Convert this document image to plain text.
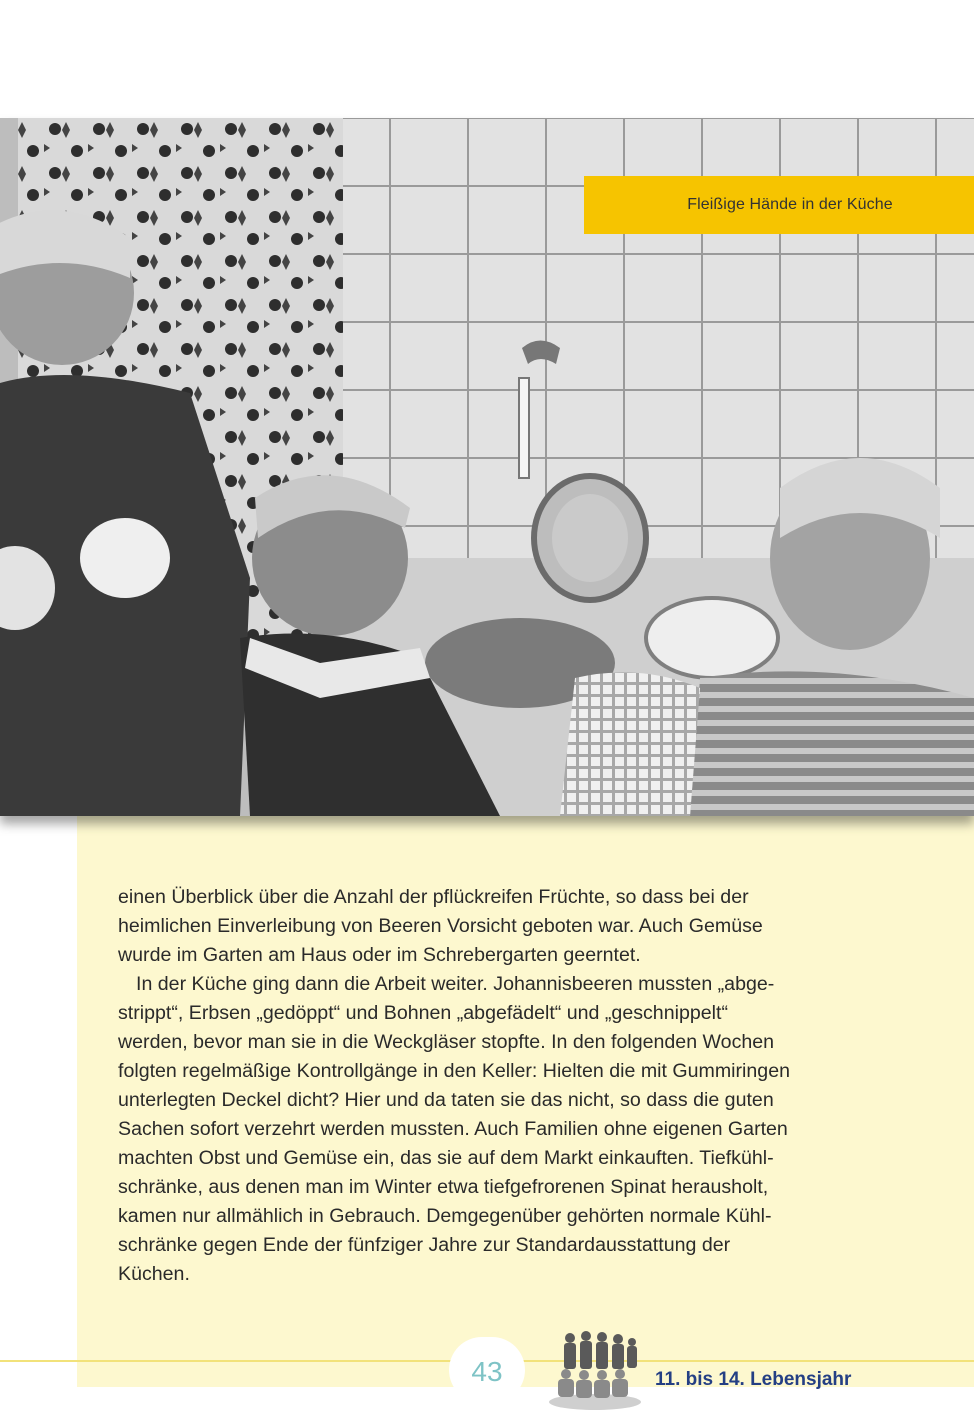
Fleißige Hände in der Küche

einen Überblick über die Anzahl der pflückreifen Früchte, so dass bei der
heimlichen Einverleibung von Beeren Vorsicht geboten war. Auch Gemüse
wurde im Garten am Haus oder im Schrebergarten geerntet.

In der Küche ging dann die Arbeit weiter. Johannisbeeren mussten „abge-
strippt“, Erbsen „gedöppt“ und Bohnen „abgefädelt“ und „geschnippelt“
werden, bevor man sie in die Weckgläser stopfte. In den folgenden Wochen
folgten regelmäßige Kontrollgänge in den Keller: Hielten die mit Gummiringen
unterlegten Deckel dicht? Hier und da taten sie das nicht, so dass die guten
Sachen sofort verzehrt werden mussten. Auch Familien ohne eigenen Garten
machten Obst und Gemüse ein, das sie auf dem Markt einkauften. Tiefkühl-
schränke, aus denen man im Winter etwa tiefgefrorenen Spinat herausholt,
kamen nur allmählich in Gebrauch. Demgegenüber gehörten normale Kühl-
schränke gegen Ende der fünfziger Jahre zur Standardausstattung der
Küchen.

43	11. bis 14. Lebensjahr
